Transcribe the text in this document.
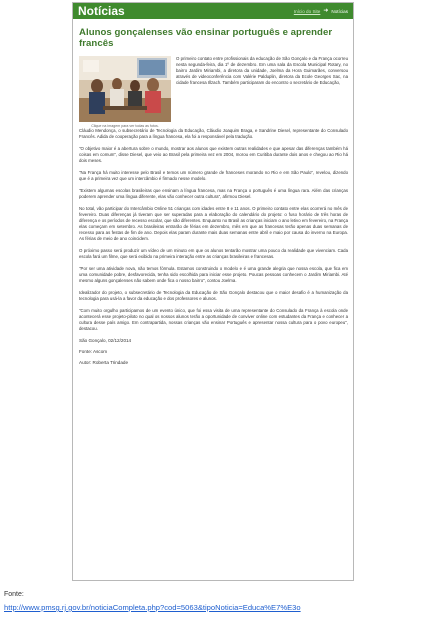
Notícias	Início do Site ➜ Notícias
Alunos gonçalenses vão ensinar português e aprender francês
Clique na imagem para ver todas as fotos.

O primeiro contato entre profissionais da educação de São Gonçalo e da França ocorreu nesta segunda-feira, dia 1º de dezembro. Em uma sala da Escola Municipal Rotary, no bairro Jardim Miriambi, a diretora da unidade, Joelma da Hora Guimarães, conversou através de videoconferência com Valérie Palduplin, diretora da Ecole Georges Sac, na cidade francesa Illzach. Também participaram do encontro o secretário de Educação,

Cláudio Mendonça, o subsecretário de Tecnologia da Educação, Cláudio Joaquim Braga, e Sandrine Diesel, representante do Consulado Francês. Adida de cooperação para a língua francesa, ela foi a responsável pela tradução.

"O objetivo maior é a abertura sobre o mundo, mostrar aos alunos que existem outras realidades e que apesar das diferenças também há coisas em comum", disse Diesel, que veio ao Brasil pela primeira vez em 2004, morou em Curitiba durante dois anos e chegou ao Rio há dois meses.

"Na França há muito interesse pelo Brasil e temos um número grande de franceses morando no Rio e em São Paulo", revelou, dizendo que é a primeira vez que um intercâmbio é firmado nesse modelo.

"Existem algumas escolas brasileiras que ensinam a língua francesa, mas na França o português é uma língua rara. Além das crianças poderem aprender uma língua diferente, elas vão conhecer outra cultura", afirmou Diesel.

No total, vão participar do Intercâmbio Online 51 crianças com idades entre 8 e 11 anos. O primeiro contato entre elas ocorrerá no mês de fevereiro. Duas diferenças já tiveram que ser superadas para a elaboração do calendário do projeto: o fuso horário de três horas de diferença e os períodos de recesso escolar, que são diferentes. Enquanto no Brasil as crianças iniciam o ano letivo em fevereiro, na França elas começam em setembro. As brasileiras entrarão de férias em dezembro, mês em que as francesas terão apenas duas semanas de recesso para as festas de fim de ano. Depois elas param durante mais duas semanas entre abril e maio por causa do inverno na Europa. As férias de meio de ano coincidem.

O próximo passo será produzir um vídeo de um minuto em que os alunos tentarão mostrar uma pouco da realidade que vivenciam. Cada escola fará um filme, que será exibido na primeira interação entre as crianças brasileiras e francesas.

"Por ser uma atividade nova, não temos fórmula. Estamos construindo o modelo e é uma grande alegria que nossa escola, que fica em uma comunidade pobre, desfavorecida, tenha sido escolhida para iniciar esse projeto. Poucas pessoas conhecem o Jardim Miriambi. Até mesmo alguns gonçalenses não sabem onde fica o nosso bairro", contou Joelma.

Idealizador do projeto, o subsecretário de Tecnologia da Educação de São Gonçalo destacou que o maior desafio é a humanização da tecnologia para usá-la a favor da educação e dos professores e alunos.

"Com muito orgulho participamos de um evento único, que foi essa visita de uma representante do Consulado da França à escola onde acontecerá esse projeto-piloto no qual os nossos alunos terão a oportunidade de conviver online com estudantes da França e conhecer a cultura desse país amigo. Em contrapartida, nossas crianças vão ensinar Português e apresentar nossa cultura para o povo europeu", destacou.

São Gonçalo, 02/12/2014

Fonte: Ascom

Autor: Roberta Trindade

Fonte:
http://www.pmsg.rj.gov.br/noticiaCompleta.php?cod=5063&tipoNoticia=Educa%E7%E3o
